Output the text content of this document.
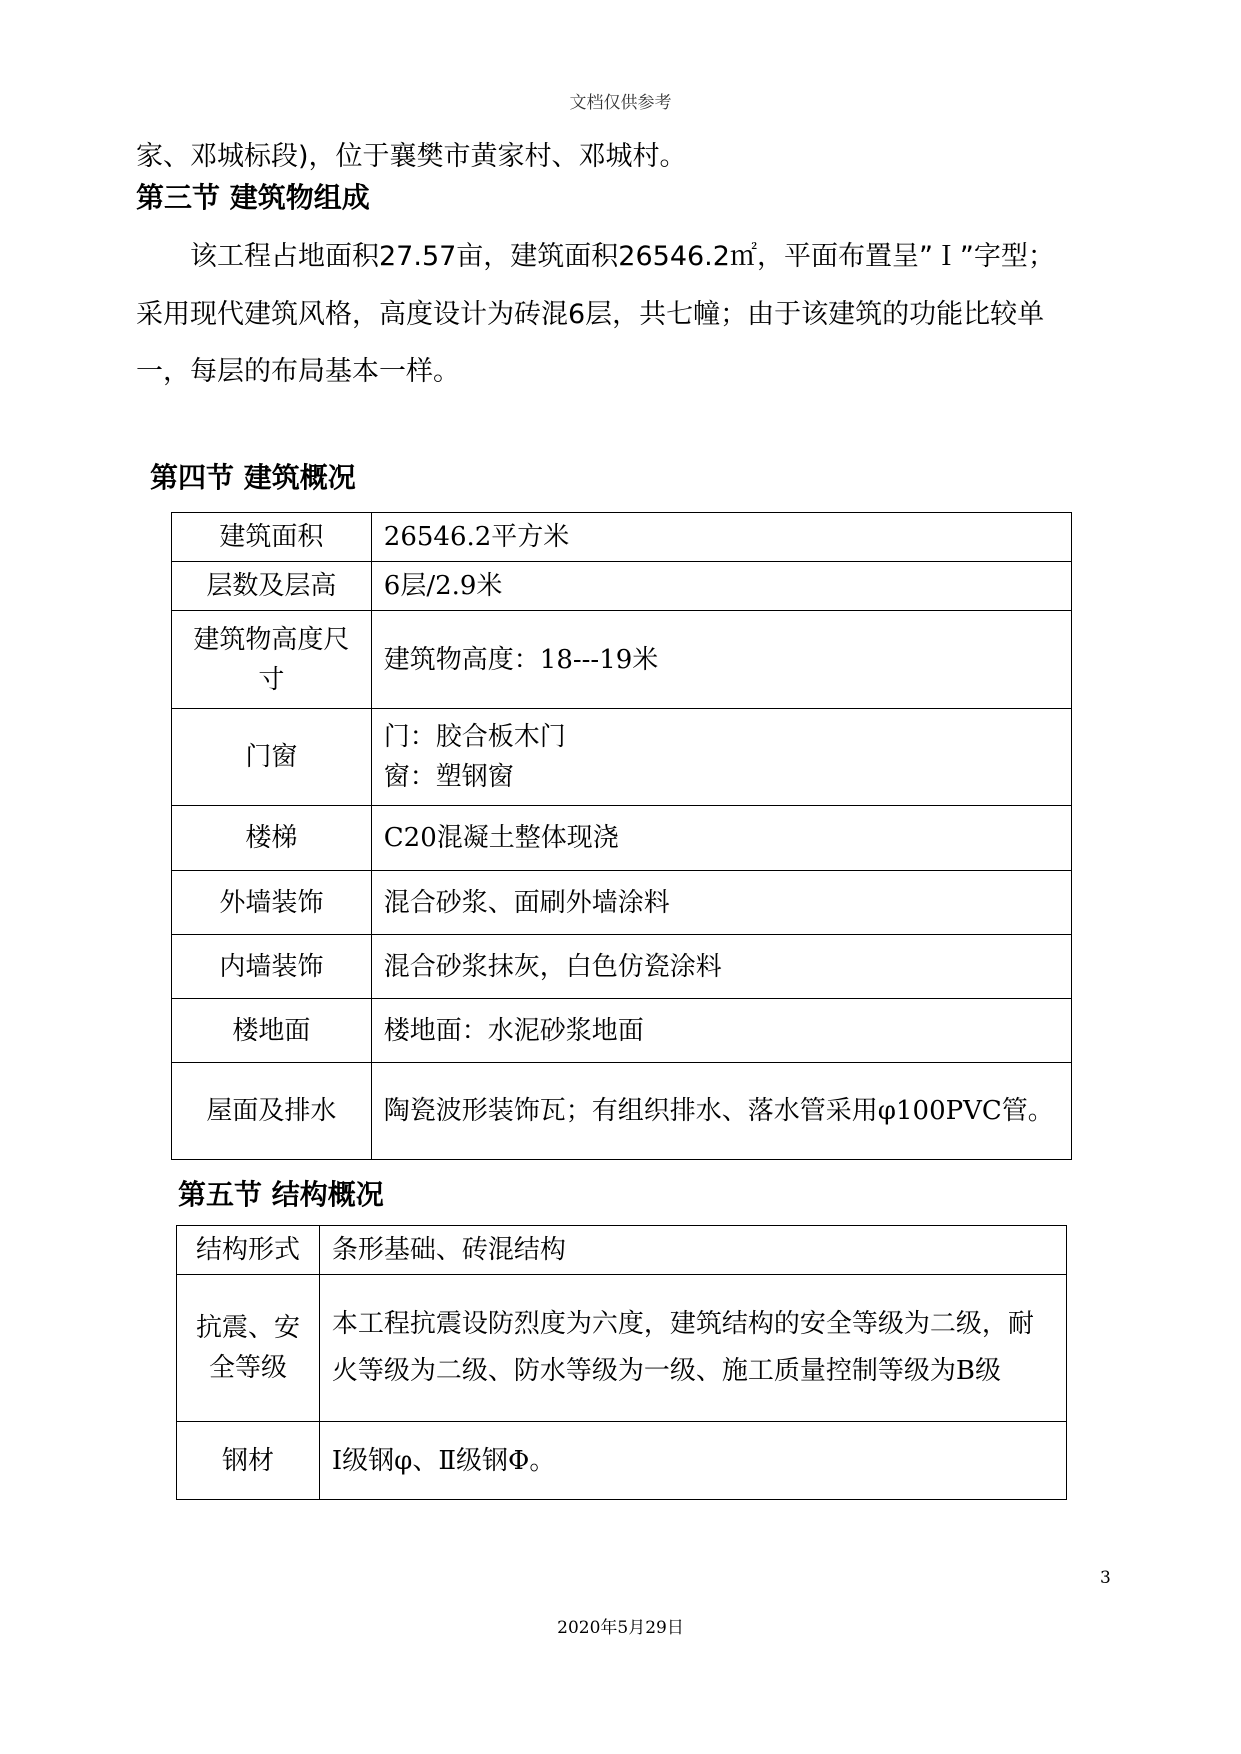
文档仅供参考
家、邓城标段)，位于襄樊市黄家村、邓城村。
第三节 建筑物组成
该工程占地面积27.57亩，建筑面积26546.2㎡，平面布置呈”Ｉ”字型；
采用现代建筑风格，高度设计为砖混6层，共七幢；由于该建筑的功能比较单
一，每层的布局基本一样。
第四节 建筑概况
建筑面积	26546.2平方米
层数及层高	6层/2.9米
建筑物高度尺寸	建筑物高度：18---19米
门窗	门：胶合板木门
窗：塑钢窗

楼梯	C20混凝土整体现浇
外墙装饰	混合砂浆、面刷外墙涂料
内墙装饰	混合砂浆抹灰，白色仿瓷涂料
楼地面	楼地面：水泥砂浆地面
屋面及排水	陶瓷波形装饰瓦；有组织排水、落水管采用φ100PVC管。
第五节 结构概况
结构形式	条形基础、砖混结构
抗震、安全等级	本工程抗震设防烈度为六度，建筑结构的安全等级为二级，耐火等级为二级、防水等级为一级、施工质量控制等级为B级
钢材	Ⅰ级钢φ、Ⅱ级钢Φ。
3
2020年5月29日
